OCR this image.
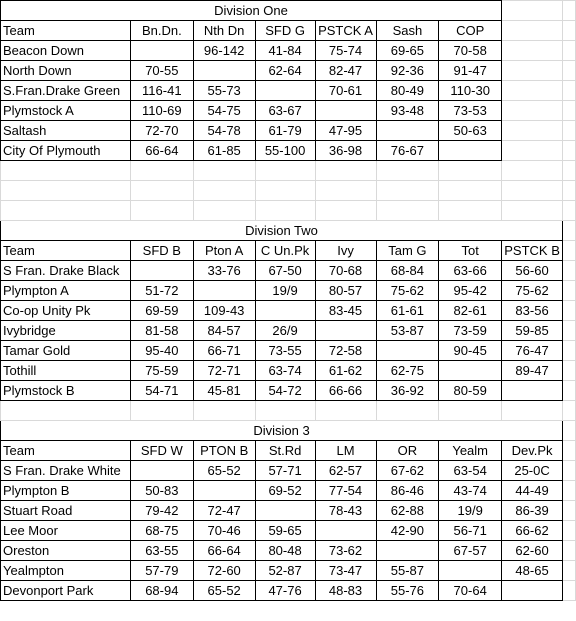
Division One								
Team	Bn.Dn.	Nth Dn	SFD G	PSTCK A	Sash	COP		
Beacon Down		96-142	41-84	75-74	69-65	70-58		
North Down	70-55		62-64	82-47	92-36	91-47		
S.Fran.Drake Green	116-41	55-73		70-61	80-49	110-30		
Plymstock A	110-69	54-75	63-67		93-48	73-53		
Saltash	72-70	54-78	61-79	47-95		50-63		
City Of Plymouth	66-64	61-85	55-100	36-98	76-67			

Division Two								
Team	SFD B	Pton A	C Un.Pk	Ivy	Tam G	Tot	PSTCK B	
S Fran. Drake Black		33-76	67-50	70-68	68-84	63-66	56-60	
Plympton A	51-72		19/9	80-57	75-62	95-42	75-62	
Co-op Unity Pk	69-59	109-43		83-45	61-61	82-61	83-56	
Ivybridge	81-58	84-57	26/9		53-87	73-59	59-85	
Tamar Gold	95-40	66-71	73-55	72-58		90-45	76-47	
Tothill	75-59	72-71	63-74	61-62	62-75		89-47	
Plymstock B	54-71	45-81	54-72	66-66	36-92	80-59		

Division 3								
Team	SFD W	PTON B	St.Rd	LM	OR	Yealm	Dev.Pk	
S Fran. Drake White		65-52	57-71	62-57	67-62	63-54	25-0C	
Plympton B	50-83		69-52	77-54	86-46	43-74	44-49	
Stuart Road	79-42	72-47		78-43	62-88	19/9	86-39	
Lee Moor	68-75	70-46	59-65		42-90	56-71	66-62	
Oreston	63-55	66-64	80-48	73-62		67-57	62-60	
Yealmpton	57-79	72-60	52-87	73-47	55-87		48-65	
Devonport Park	68-94	65-52	47-76	48-83	55-76	70-64		
